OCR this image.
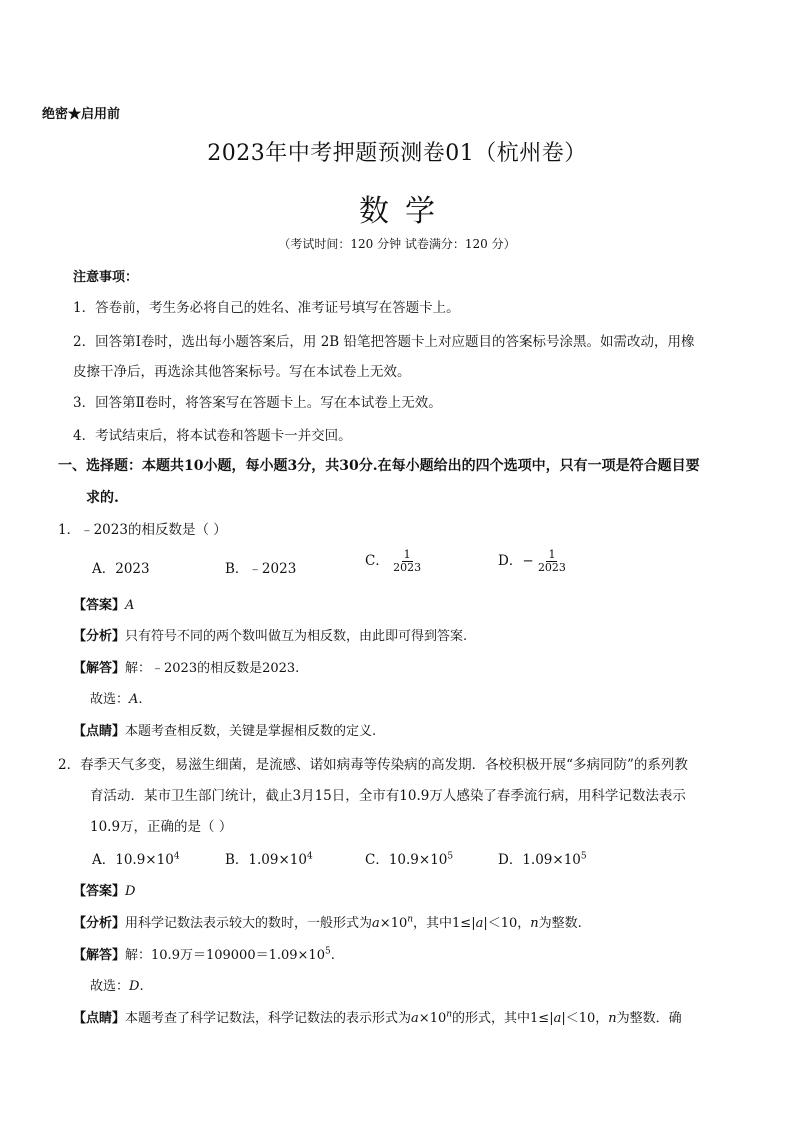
绝密★启用前
2023年中考押题预测卷01（杭州卷）
数学
（考试时间：120 分钟 试卷满分：120 分）
注意事项：
1．答卷前，考生务必将自己的姓名、准考证号填写在答题卡上。
2．回答第Ⅰ卷时，选出每小题答案后，用 2B 铅笔把答题卡上对应题目的答案标号涂黑。如需改动，用橡
皮擦干净后，再选涂其他答案标号。写在本试卷上无效。
3．回答第Ⅱ卷时，将答案写在答题卡上。写在本试卷上无效。
4．考试结束后，将本试卷和答题卡一并交回。
一、选择题：本题共10小题，每小题3分，共30分.在每小题给出的四个选项中，只有一项是符合题目要
求的.
1．﹣2023的相反数是（ ）
A．2023	B．﹣2023	C． $\frac{1}{2023}$	D．− $\frac{1}{2023}$
【答案】A
【分析】只有符号不同的两个数叫做互为相反数，由此即可得到答案.
【解答】解：﹣2023的相反数是2023.
故选：A.
【点睛】本题考查相反数，关键是掌握相反数的定义.
2．春季天气多变，易滋生细菌，是流感、诺如病毒等传染病的高发期．各校积极开展“多病同防”的系列教
育活动．某市卫生部门统计，截止3月15日，全市有10.9万人感染了春季流行病，用科学记数法表示
10.9万，正确的是（ ）
A．$10.9\times 10^4$	B．$1.09\times 10^4$	C．$10.9\times 10^5$	D．$1.09\times 10^5$
【答案】D
【分析】用科学记数法表示较大的数时，一般形式为$a\times 10^n$，其中1≤|a|＜10，n为整数.
【解答】解：10.9万$=109000=1.09\times 10^5$.
故选：D.
【点睛】本题考查了科学记数法，科学记数法的表示形式为$a\times 10^n$的形式，其中1≤|a|＜10，n为整数．确
